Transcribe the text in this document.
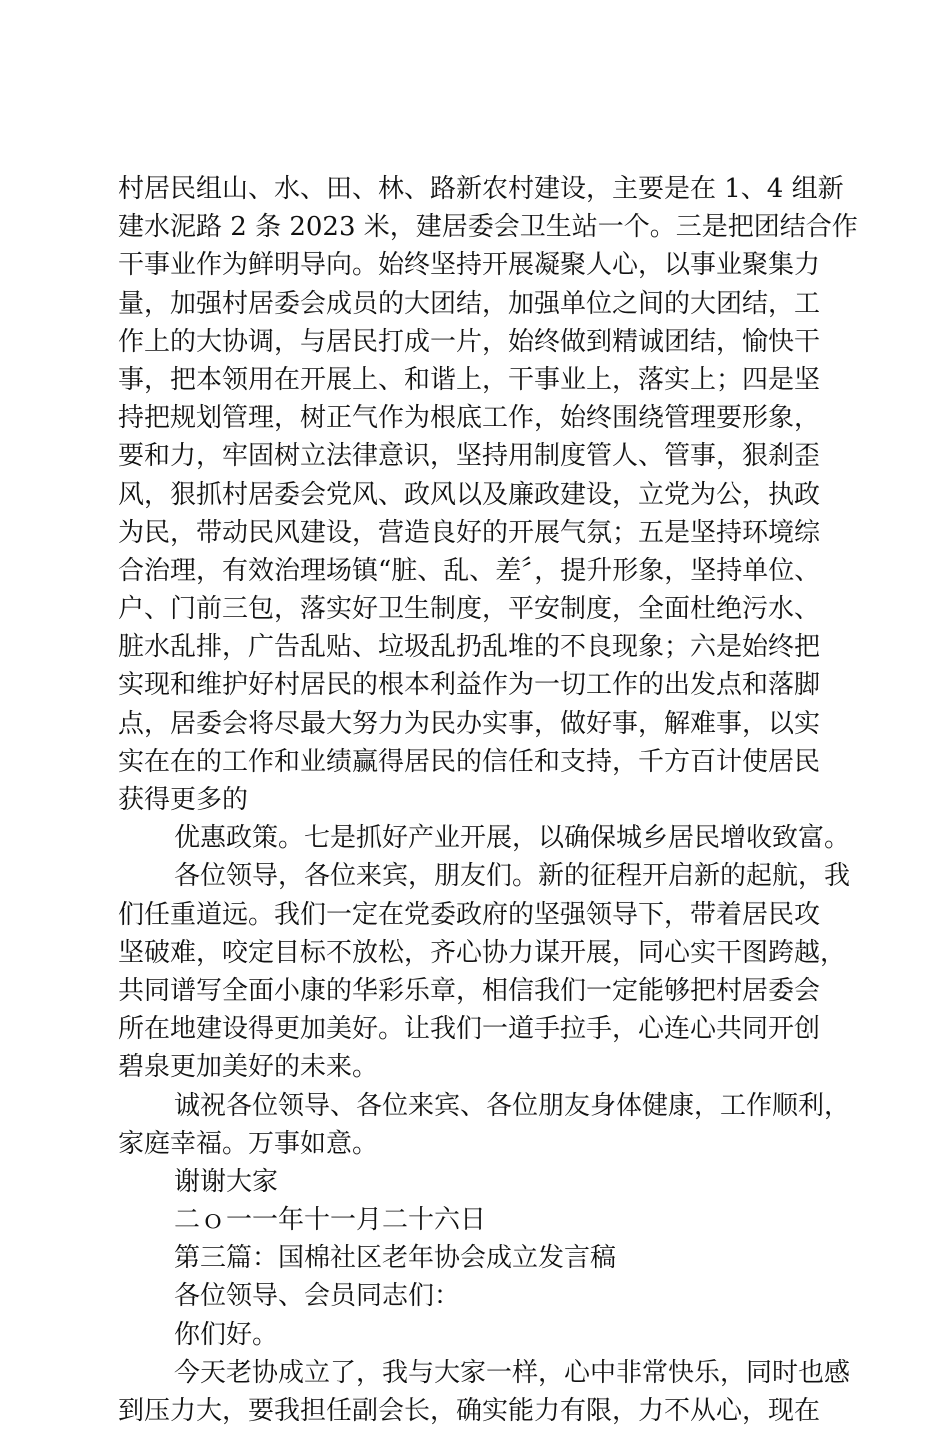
村居民组山、水、田、林、路新农村建设，主要是在 1、4 组新
建水泥路 2 条 2023 米，建居委会卫生站一个。三是把团结合作
干事业作为鲜明导向。始终坚持开展凝聚人心，以事业聚集力
量，加强村居委会成员的大团结，加强单位之间的大团结，工
作上的大协调，与居民打成一片，始终做到精诚团结，愉快干
事，把本领用在开展上、和谐上，干事业上，落实上；四是坚
持把规划管理，树正气作为根底工作，始终围绕管理要形象，
要和力，牢固树立法律意识，坚持用制度管人、管事，狠刹歪
风，狠抓村居委会党风、政风以及廉政建设，立党为公，执政
为民，带动民风建设，营造良好的开展气氛；五是坚持环境综
合治理，有效治理场镇“脏、乱、差〞，提升形象，坚持单位、
户、门前三包，落实好卫生制度，平安制度，全面杜绝污水、
脏水乱排，广告乱贴、垃圾乱扔乱堆的不良现象；六是始终把
实现和维护好村居民的根本利益作为一切工作的出发点和落脚
点，居委会将尽最大努力为民办实事，做好事，解难事，以实
实在在的工作和业绩赢得居民的信任和支持，千方百计使居民
获得更多的
优惠政策。七是抓好产业开展，以确保城乡居民增收致富。
各位领导，各位来宾，朋友们。新的征程开启新的起航，我
们任重道远。我们一定在党委政府的坚强领导下，带着居民攻
坚破难，咬定目标不放松，齐心协力谋开展，同心实干图跨越，
共同谱写全面小康的华彩乐章，相信我们一定能够把村居委会
所在地建设得更加美好。让我们一道手拉手，心连心共同开创
碧泉更加美好的未来。
诚祝各位领导、各位来宾、各位朋友身体健康，工作顺利，
家庭幸福。万事如意。
谢谢大家
二ｏ一一年十一月二十六日
第三篇：国棉社区老年协会成立发言稿
各位领导、会员同志们：
你们好。
今天老协成立了，我与大家一样，心中非常快乐，同时也感
到压力大，要我担任副会长，确实能力有限，力不从心，现在
